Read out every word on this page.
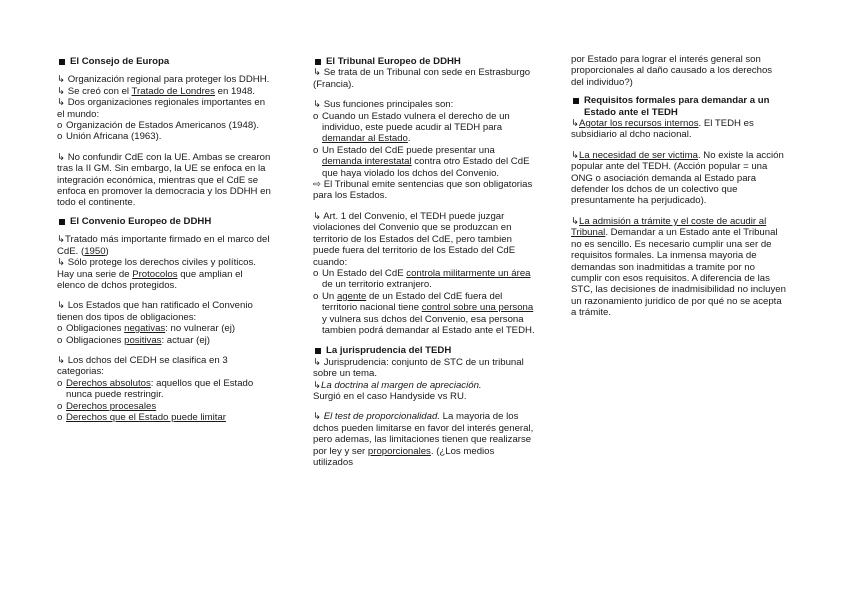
El Consejo de Europa

↳ Organización regional para proteger los DDHH.

↳ Se creó con el Tratado de Londres en 1948.

↳ Dos organizaciones regionales importantes en el mundo:

o Organización de Estados Americanos (1948).
o Unión Africana (1963).

↳ No confundir CdE con la UE. Ambas se crearon tras la II GM. Sin embargo, la UE se enfoca en la integración económica, mientras que el CdE se enfoca en promover la democracia y los DDHH en todo el continente.

El Convenio Europeo de DDHH

↳Tratado más importante firmado en el marco del CdE. (1950)

↳ Sólo protege los derechos civiles y políticos. Hay una serie de Protocolos que amplian el elenco de dchos protegidos.

↳ Los Estados que han ratificado el Convenio tienen dos tipos de obligaciones:

o Obligaciones negativas: no vulnerar (ej)
o Obligaciones positivas: actuar (ej)

↳ Los dchos del CEDH se clasifica en 3 categorias:

o Derechos absolutos: aquellos que el Estado nunca puede restringir.
o Derechos procesales
o Derechos que el Estado puede limitar
El Tribunal Europeo de DDHH

↳ Se trata de un Tribunal con sede en Estrasburgo (Francia).

↳ Sus funciones principales son:

o Cuando un Estado vulnera el derecho de un individuo, este puede acudir al TEDH para demandar al Estado.
o Un Estado del CdE puede presentar una demanda interestatal contra otro Estado del CdE que haya violado los dchos del Convenio.

⇨ El Tribunal emite sentencias que son obligatorias para los Estados.

↳ Art. 1 del Convenio, el TEDH puede juzgar violaciones del Convenio que se produzcan en territorio de los Estados del CdE, pero tambien puede fuera del territorio de los Estado del CdE cuando:

o Un Estado del CdE controla militarmente un área de un territorio extranjero.
o Un agente de un Estado del CdE fuera del territorio nacional tiene control sobre una persona y vulnera sus dchos del Convenio, esa persona tambien podrá demandar al Estado ante el TEDH.
La jurisprudencia del TEDH

↳ Jurisprudencia: conjunto de STC de un tribunal sobre un tema.

↳La doctrina al margen de apreciación.
Surgió en el caso Handyside vs RU.

↳ El test de proporcionalidad. La mayoria de los dchos pueden limitarse en favor del interés general, pero ademas, las limitaciones tienen que realizarse por ley y ser proporcionales. (¿Los medios utilizados

por Estado para lograr el interés general son proporcionales al daño causado a los derechos del individuo?)

Requisitos formales para demandar a un Estado ante el TEDH

↳Agotar los recursos internos. El TEDH es subsidiario al dcho nacional.

↳La necesidad de ser victima. No existe la acción popular ante del TEDH. (Acción popular = una ONG o asociación demanda al Estado para defender los dchos de un colectivo que presuntamente ha perjudicado).

↳La admisión a trámite y el coste de acudir al Tribunal. Demandar a un Estado ante el Tribunal no es sencillo. Es necesario cumplir una ser de requisitos formales. La inmensa mayoria de demandas son inadmitidas a tramite por no cumplir con esos requisitos. A diferencia de las STC, las decisiones de inadmisibilidad no incluyen un razonamiento juridico de por qué no se acepta a trámite.
